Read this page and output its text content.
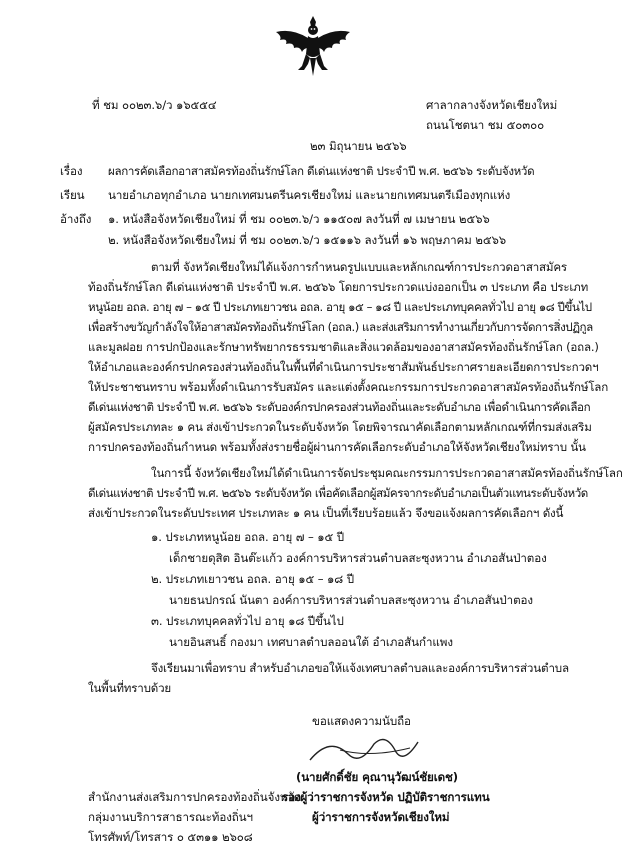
ที่ ชม ๐๐๒๓.๖/ว ๑๖๕๕๔	ศาลากลางจังหวัดเชียงใหม่
ถนนโชตนา ชม ๕๐๓๐๐
๒๓ มิถุนายน ๒๕๖๖
เรื่อง ผลการคัดเลือกอาสาสมัครท้องถิ่นรักษ์โลก ดีเด่นแห่งชาติ ประจำปี พ.ศ. ๒๕๖๖ ระดับจังหวัด
เรียน นายอำเภอทุกอำเภอ นายกเทศมนตรีนครเชียงใหม่ และนายกเทศมนตรีเมืองทุกแห่ง
อ้างถึง ๑. หนังสือจังหวัดเชียงใหม่ ที่ ชม ๐๐๒๓.๖/ว ๑๑๕๐๗ ลงวันที่ ๗ เมษายน ๒๕๖๖
๒. หนังสือจังหวัดเชียงใหม่ ที่ ชม ๐๐๒๓.๖/ว ๑๕๑๑๖ ลงวันที่ ๑๖ พฤษภาคม ๒๕๖๖
ตามที่ จังหวัดเชียงใหม่ได้แจ้งการกำหนดรูปแบบและหลักเกณฑ์การประกวดอาสาสมัคร
ท้องถิ่นรักษ์โลก ดีเด่นแห่งชาติ ประจำปี พ.ศ. ๒๕๖๖ โดยการประกวดแบ่งออกเป็น ๓ ประเภท คือ ประเภท
หนูน้อย อถล. อายุ ๗ – ๑๕ ปี ประเภทเยาวชน อถล. อายุ ๑๕ – ๑๘ ปี และประเภทบุคคลทั่วไป อายุ ๑๘ ปีขึ้นไป
เพื่อสร้างขวัญกำลังใจให้อาสาสมัครท้องถิ่นรักษ์โลก (อถล.) และส่งเสริมการทำงานเกี่ยวกับการจัดการสิ่งปฏิกูล
และมูลฝอย การปกป้องและรักษาทรัพยากรธรรมชาติและสิ่งแวดล้อมของอาสาสมัครท้องถิ่นรักษ์โลก (อถล.)
ให้อำเภอและองค์กรปกครองส่วนท้องถิ่นในพื้นที่ดำเนินการประชาสัมพันธ์ประกาศรายละเอียดการประกวดฯ
ให้ประชาชนทราบ พร้อมทั้งดำเนินการรับสมัคร และแต่งตั้งคณะกรรมการประกวดอาสาสมัครท้องถิ่นรักษ์โลก
ดีเด่นแห่งชาติ ประจำปี พ.ศ. ๒๕๖๖ ระดับองค์กรปกครองส่วนท้องถิ่นและระดับอำเภอ เพื่อดำเนินการคัดเลือก
ผู้สมัครประเภทละ ๑ คน ส่งเข้าประกวดในระดับจังหวัด โดยพิจารณาคัดเลือกตามหลักเกณฑ์ที่กรมส่งเสริม
การปกครองท้องถิ่นกำหนด พร้อมทั้งส่งรายชื่อผู้ผ่านการคัดเลือกระดับอำเภอให้จังหวัดเชียงใหม่ทราบ นั้น
ในการนี้ จังหวัดเชียงใหม่ได้ดำเนินการจัดประชุมคณะกรรมการประกวดอาสาสมัครท้องถิ่นรักษ์โลก
ดีเด่นแห่งชาติ ประจำปี พ.ศ. ๒๕๖๖ ระดับจังหวัด เพื่อคัดเลือกผู้สมัครจากระดับอำเภอเป็นตัวแทนระดับจังหวัด
ส่งเข้าประกวดในระดับประเทศ ประเภทละ ๑ คน เป็นที่เรียบร้อยแล้ว จึงขอแจ้งผลการคัดเลือกฯ ดังนี้
๑. ประเภทหนูน้อย อถล. อายุ ๗ – ๑๕ ปี
เด็กชายดุสิต อินต๊ะแก้ว องค์การบริหารส่วนตำบลสะซุงหวาน อำเภอสันป่าตอง
๒. ประเภทเยาวชน อถล. อายุ ๑๕ – ๑๘ ปี
นายธนปกรณ์ นันตา องค์การบริหารส่วนตำบลสะซุงหวาน อำเภอสันป่าตอง
๓. ประเภทบุคคลทั่วไป อายุ ๑๘ ปีขึ้นไป
นายอินสนธิ์ กองมา เทศบาลตำบลออนใต้ อำเภอสันกำแพง
จึงเรียนมาเพื่อทราบ สำหรับอำเภอขอให้แจ้งเทศบาลตำบลและองค์การบริหารส่วนตำบล
ในพื้นที่ทราบด้วย
ขอแสดงความนับถือ
(นายศักดิ์ชัย คุณานุวัฒน์ชัยเดช)
รองผู้ว่าราชการจังหวัด ปฏิบัติราชการแทน
ผู้ว่าราชการจังหวัดเชียงใหม่
สำนักงานส่งเสริมการปกครองท้องถิ่นจังหวัด
กลุ่มงานบริการสาธารณะท้องถิ่นฯ
โทรศัพท์/โทรสาร ๐ ๕๓๑๑ ๒๖๐๘
